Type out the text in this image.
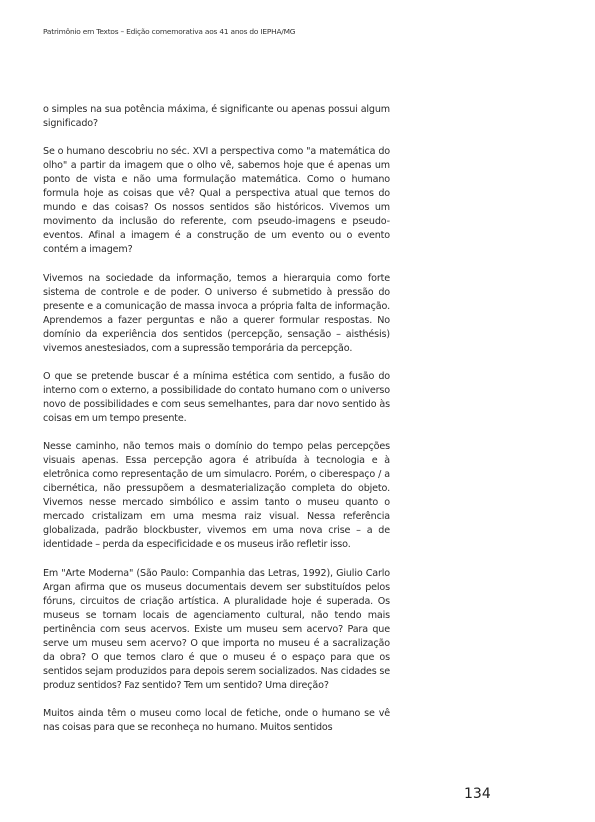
Patrimônio em Textos – Edição comemorativa aos 41 anos do IEPHA/MG

o simples na sua potência máxima, é significante ou apenas possui algum significado?

Se o humano descobriu no séc. XVI a perspectiva como "a matemática do olho" a partir da imagem que o olho vê, sabemos hoje que é apenas um ponto de vista e não uma formulação matemática. Como o humano formula hoje as coisas que vê? Qual a perspectiva atual que temos do mundo e das coisas? Os nossos sentidos são históricos. Vivemos um movimento da inclusão do referente, com pseudo-imagens e pseudo-eventos. Afinal a imagem é a construção de um evento ou o evento contém a imagem?

Vivemos na sociedade da informação, temos a hierarquia como forte sistema de controle e de poder. O universo é submetido à pressão do presente e a comunicação de massa invoca a própria falta de informação. Aprendemos a fazer perguntas e não a querer formular respostas. No domínio da experiência dos sentidos (percepção, sensação – aisthésis) vivemos anestesiados, com a supressão temporária da percepção.

O que se pretende buscar é a mínima estética com sentido, a fusão do interno com o externo, a possibilidade do contato humano com o universo novo de possibilidades e com seus semelhantes, para dar novo sentido às coisas em um tempo presente.

Nesse caminho, não temos mais o domínio do tempo pelas percepções visuais apenas. Essa percepção agora é atribuída à tecnologia e à eletrônica como representação de um simulacro. Porém, o ciberespaço / a cibernética, não pressupõem a desmaterialização completa do objeto. Vivemos nesse mercado simbólico e assim tanto o museu quanto o mercado cristalizam em uma mesma raiz visual. Nessa referência globalizada, padrão blockbuster, vivemos em uma nova crise – a de identidade – perda da especificidade e os museus irão refletir isso.

Em "Arte Moderna" (São Paulo: Companhia das Letras, 1992), Giulio Carlo Argan afirma que os museus documentais devem ser substituídos pelos fóruns, circuitos de criação artística. A pluralidade hoje é superada. Os museus se tornam locais de agenciamento cultural, não tendo mais pertinência com seus acervos. Existe um museu sem acervo? Para que serve um museu sem acervo? O que importa no museu é a sacralização da obra? O que temos claro é que o museu é o espaço para que os sentidos sejam produzidos para depois serem socializados. Nas cidades se produz sentidos? Faz sentido? Tem um sentido? Uma direção?

Muitos ainda têm o museu como local de fetiche, onde o humano se vê nas coisas para que se reconheça no humano. Muitos sentidos

134
